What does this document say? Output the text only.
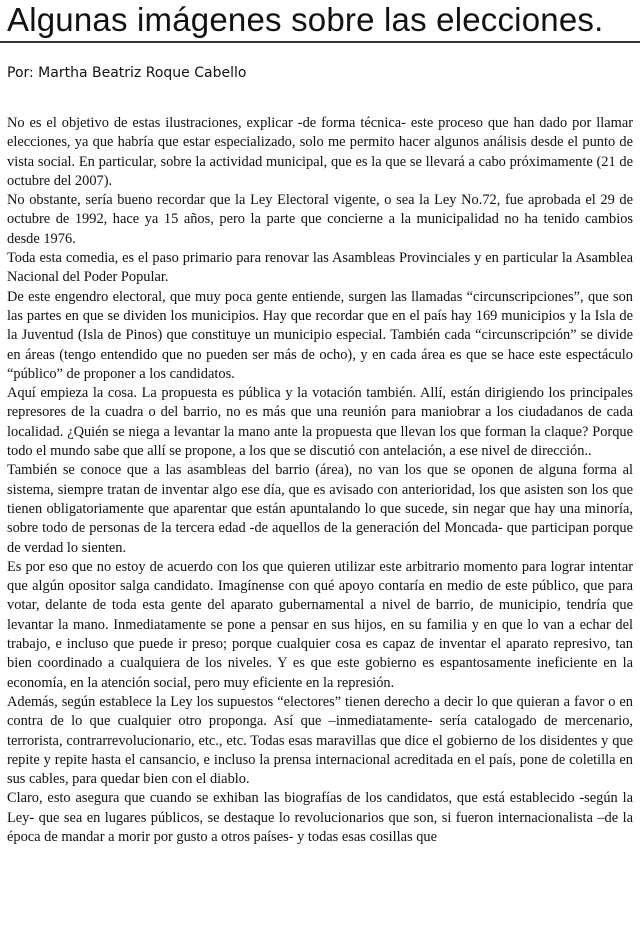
Algunas imágenes sobre las elecciones.

Por: Martha Beatriz Roque Cabello

No es el objetivo de estas ilustraciones, explicar -de forma técnica- este proceso que han dado por llamar elecciones, ya que habría que estar especializado, solo me permito hacer algunos análisis desde el punto de vista social. En particular, sobre la actividad municipal, que es la que se llevará a cabo próximamente (21 de octubre del 2007).

No obstante, sería bueno recordar que la Ley Electoral vigente, o sea la Ley No.72, fue aprobada el 29 de octubre de 1992, hace ya 15 años, pero la parte que concierne a la municipalidad no ha tenido cambios desde 1976.

Toda esta comedia, es el paso primario para renovar las Asambleas Provinciales y en particular la Asamblea Nacional del Poder Popular.

De este engendro electoral, que muy poca gente entiende, surgen las llamadas “circunscripciones”, que son las partes en que se dividen los municipios. Hay que recordar que en el país hay 169 municipios y la Isla de la Juventud (Isla de Pinos) que constituye un municipio especial. También cada “circunscripción” se divide en áreas (tengo entendido que no pueden ser más de ocho), y en cada área es que se hace este espectáculo “público” de proponer a los candidatos.

Aquí empieza la cosa. La propuesta es pública y la votación también. Allí, están dirigiendo los principales represores de la cuadra o del barrio, no es más que una reunión para maniobrar a los ciudadanos de cada localidad. ¿Quién se niega a levantar la mano ante la propuesta que llevan los que forman la claque? Porque todo el mundo sabe que allí se propone, a los que se discutió con antelación, a ese nivel de dirección..

También se conoce que a las asambleas del barrio (área), no van los que se oponen de alguna forma al sistema, siempre tratan de inventar algo ese día, que es avisado con anterioridad, los que asisten son los que tienen obligatoriamente que aparentar que están apuntalando lo que sucede, sin negar que hay una minoría, sobre todo de personas de la tercera edad -de aquellos de la generación del Moncada- que participan porque de verdad lo sienten.

Es por eso que no estoy de acuerdo con los que quieren utilizar este arbitrario momento para lograr intentar que algún opositor salga candidato. Imagínense con qué apoyo contaría en medio de este público, que para votar, delante de toda esta gente del aparato gubernamental a nivel de barrio, de municipio, tendría que levantar la mano. Inmediatamente se pone a pensar en sus hijos, en su familia y en que lo van a echar del trabajo, e incluso que puede ir preso; porque cualquier cosa es capaz de inventar el aparato represivo, tan bien coordinado a cualquiera de los niveles. Y es que este gobierno es espantosamente ineficiente en la economía, en la atención social, pero muy eficiente en la represión.

Además, según establece la Ley los supuestos “electores” tienen derecho a decir lo que quieran a favor o en contra de lo que cualquier otro proponga. Así que –inmediatamente- sería catalogado de mercenario, terrorista, contrarrevolucionario, etc., etc. Todas esas maravillas que dice el gobierno de los disidentes y que repite y repite hasta el cansancio, e incluso la prensa internacional acreditada en el país, pone de coletilla en sus cables, para quedar bien con el diablo.

Claro, esto asegura que cuando se exhiban las biografías de los candidatos, que está establecido -según la Ley- que sea en lugares públicos, se destaque lo revolucionarios que son, si fueron internacionalista –de la época de mandar a morir por gusto a otros países- y todas esas cosillas que
